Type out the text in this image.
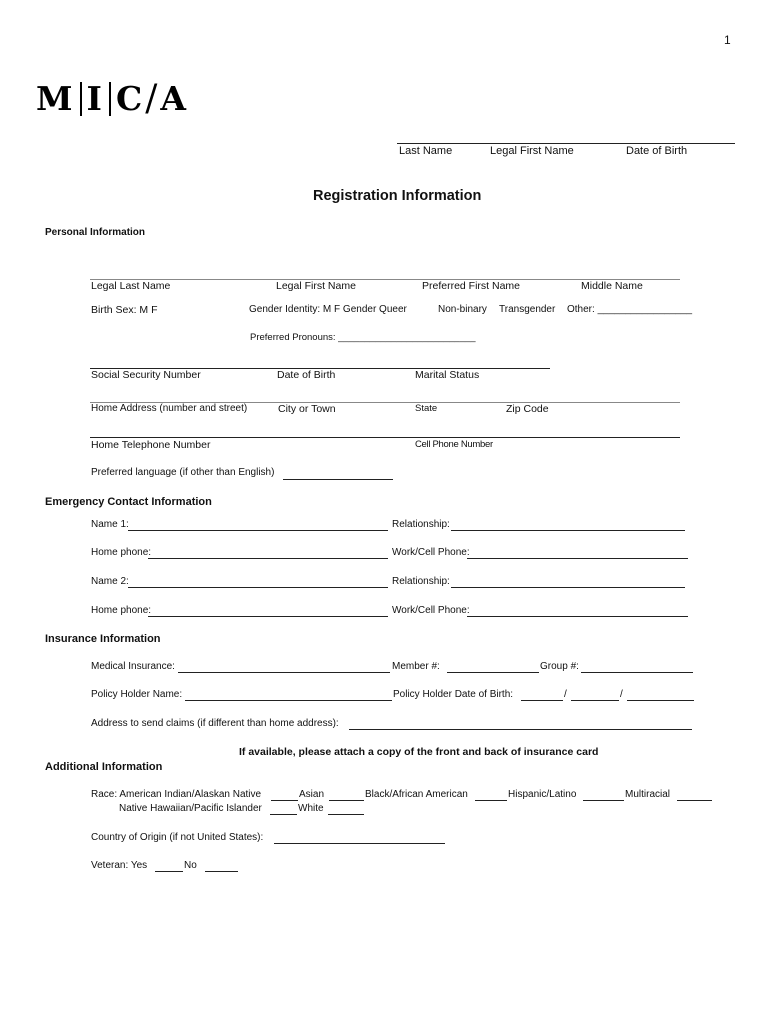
1
M I C / A
Last Name	Legal First Name	Date of Birth
Registration Information
Personal Information
Legal Last Name	Legal First Name	Preferred First Name	Middle Name
Birth Sex: M F	Gender Identity: M F Gender Queer	Non-binary Transgender Other: _________________
Preferred Pronouns: __________________________
Social Security Number	Date of Birth	Marital Status
Home Address (number and street)	City or Town	State	Zip Code
Home Telephone Number	Cell Phone Number
Preferred language (if other than English)
Emergency Contact Information
Name 1:	Relationship:
Home phone:	Work/Cell Phone:
Name 2:	Relationship:
Home phone:	Work/Cell Phone:
Insurance Information
Medical Insurance:	Member #:	Group #:
Policy Holder Name:	Policy Holder Date of Birth:	/	/
Address to send claims (if different than home address):
If available, please attach a copy of the front and back of insurance card
Additional Information
Race: American Indian/Alaskan Native	Asian	Black/African American	Hispanic/Latino	Multiracial
Native Hawaiian/Pacific Islander	White
Country of Origin (if not United States):
Veteran: Yes	No
